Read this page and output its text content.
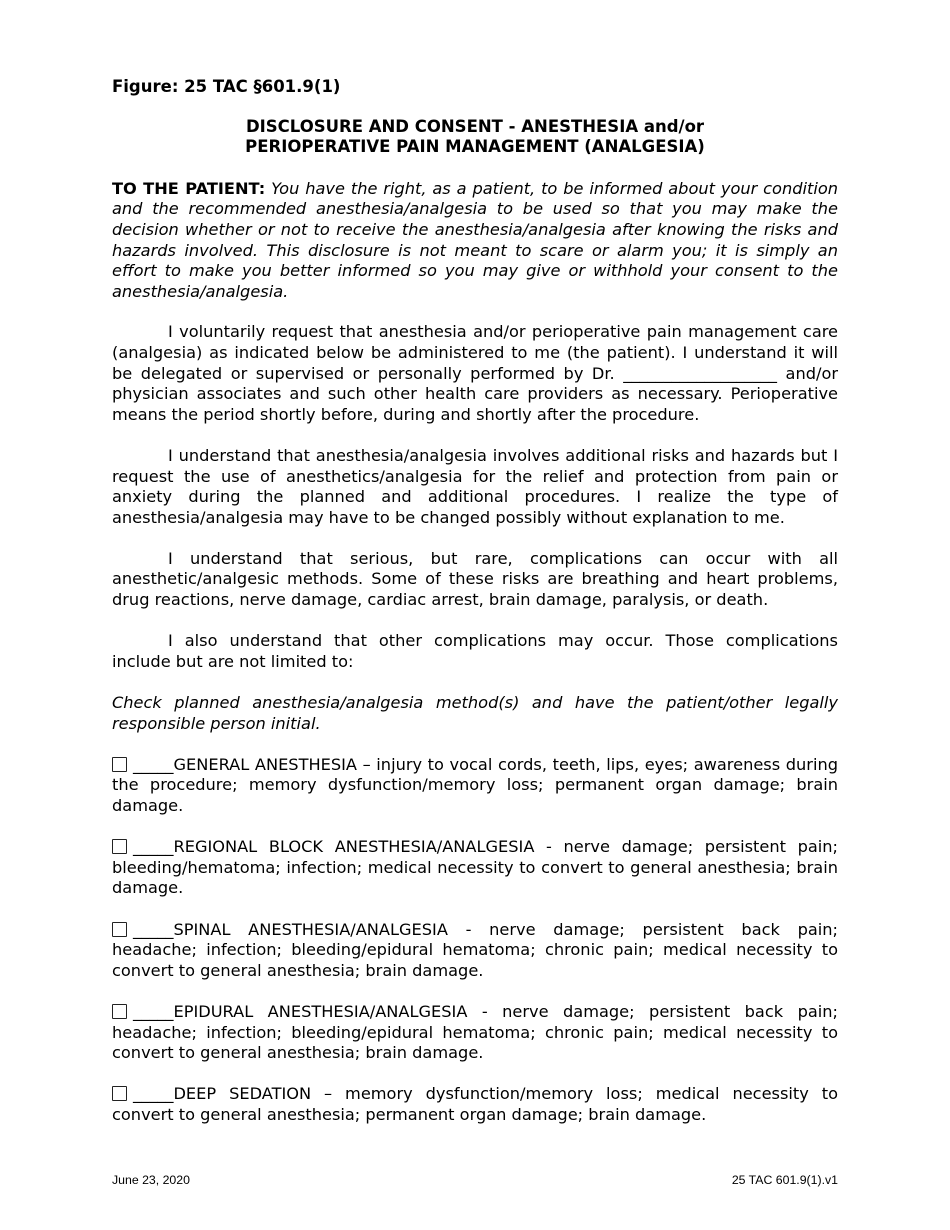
Figure: 25 TAC §601.9(1)

DISCLOSURE AND CONSENT - ANESTHESIA and/or
PERIOPERATIVE PAIN MANAGEMENT (ANALGESIA)

TO THE PATIENT: You have the right, as a patient, to be informed about your condition and the recommended anesthesia/analgesia to be used so that you may make the decision whether or not to receive the anesthesia/analgesia after knowing the risks and hazards involved. This disclosure is not meant to scare or alarm you; it is simply an effort to make you better informed so you may give or withhold your consent to the anesthesia/analgesia.

I voluntarily request that anesthesia and/or perioperative pain management care (analgesia) as indicated below be administered to me (the patient). I understand it will be delegated or supervised or personally performed by Dr. ___________________ and/or physician associates and such other health care providers as necessary. Perioperative means the period shortly before, during and shortly after the procedure.

I understand that anesthesia/analgesia involves additional risks and hazards but I request the use of anesthetics/analgesia for the relief and protection from pain or anxiety during the planned and additional procedures. I realize the type of anesthesia/analgesia may have to be changed possibly without explanation to me.

I understand that serious, but rare, complications can occur with all anesthetic/analgesic methods. Some of these risks are breathing and heart problems, drug reactions, nerve damage, cardiac arrest, brain damage, paralysis, or death.

I also understand that other complications may occur. Those complications include but are not limited to:

Check planned anesthesia/analgesia method(s) and have the patient/other legally responsible person initial.

_____GENERAL ANESTHESIA – injury to vocal cords, teeth, lips, eyes; awareness during the procedure; memory dysfunction/memory loss; permanent organ damage; brain damage.

_____REGIONAL BLOCK ANESTHESIA/ANALGESIA - nerve damage; persistent pain; bleeding/hematoma; infection; medical necessity to convert to general anesthesia; brain damage.

_____SPINAL ANESTHESIA/ANALGESIA - nerve damage; persistent back pain; headache; infection; bleeding/epidural hematoma; chronic pain; medical necessity to convert to general anesthesia; brain damage.

_____EPIDURAL ANESTHESIA/ANALGESIA - nerve damage; persistent back pain; headache; infection; bleeding/epidural hematoma; chronic pain; medical necessity to convert to general anesthesia; brain damage.

_____DEEP SEDATION – memory dysfunction/memory loss; medical necessity to convert to general anesthesia; permanent organ damage; brain damage.

June 23, 2020	25 TAC 601.9(1).v1
